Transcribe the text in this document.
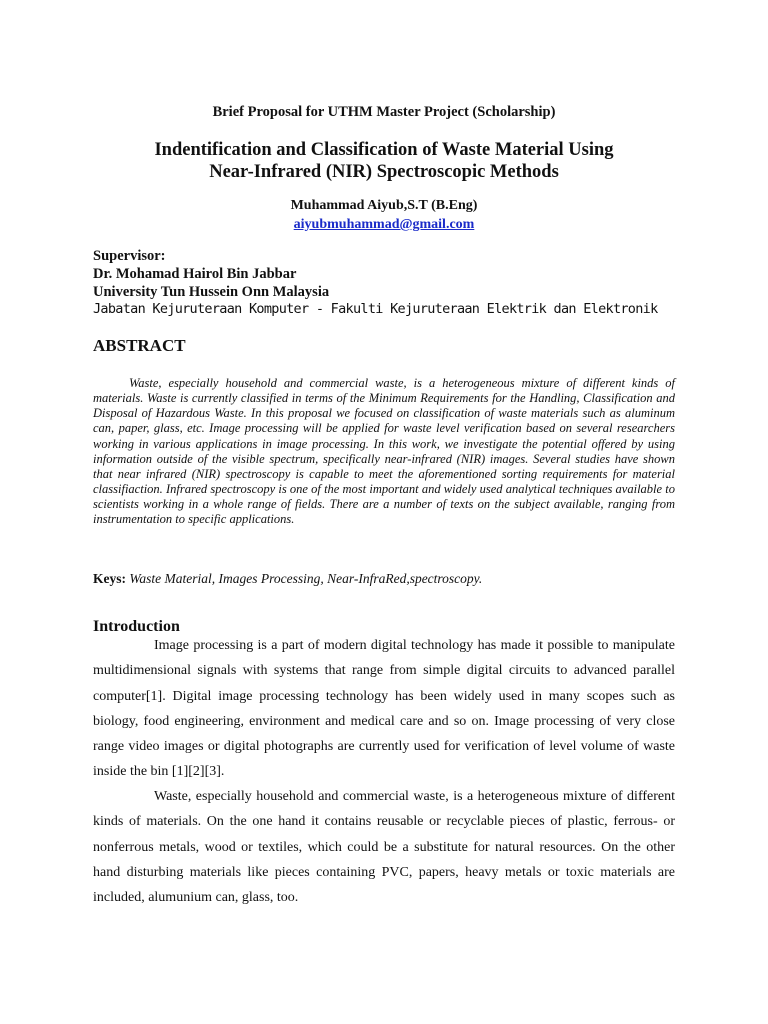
Brief Proposal for UTHM Master Project (Scholarship)
Indentification and Classification of Waste Material Using
Near-Infrared (NIR) Spectroscopic Methods
Muhammad Aiyub,S.T (B.Eng)
aiyubmuhammad@gmail.com
Supervisor:
Dr. Mohamad Hairol Bin Jabbar
University Tun Hussein Onn Malaysia
Jabatan Kejuruteraan Komputer - Fakulti Kejuruteraan Elektrik dan Elektronik
ABSTRACT

Waste, especially household and commercial waste, is a heterogeneous mixture of different kinds of materials. Waste is currently classified in terms of the Minimum Requirements for the Handling, Classification and Disposal of Hazardous Waste. In this proposal we focused on classification of waste materials such as aluminum can, paper, glass, etc. Image processing will be applied for waste level verification based on several researchers working in various applications in image processing. In this work, we investigate the potential offered by using information outside of the visible spectrum, specifically near-infrared (NIR) images. Several studies have shown that near infrared (NIR) spectroscopy is capable to meet the aforementioned sorting requirements for material classifiaction. Infrared spectroscopy is one of the most important and widely used analytical techniques available to scientists working in a whole range of fields. There are a number of texts on the subject available, ranging from instrumentation to specific applications.

Keys: Waste Material, Images Processing, Near-InfraRed,spectroscopy.
Introduction

Image processing is a part of modern digital technology has made it possible to manipulate multidimensional signals with systems that range from simple digital circuits to advanced parallel computer[1]. Digital image processing technology has been widely used in many scopes such as biology, food engineering, environment and medical care and so on. Image processing of very close range video images or digital photographs are currently used for verification of level volume of waste inside the bin [1][2][3].

Waste, especially household and commercial waste, is a heterogeneous mixture of different kinds of materials. On the one hand it contains reusable or recyclable pieces of plastic, ferrous- or nonferrous metals, wood or textiles, which could be a substitute for natural resources. On the other hand disturbing materials like pieces containing PVC, papers, heavy metals or toxic materials are included, alumunium can, glass, too.
